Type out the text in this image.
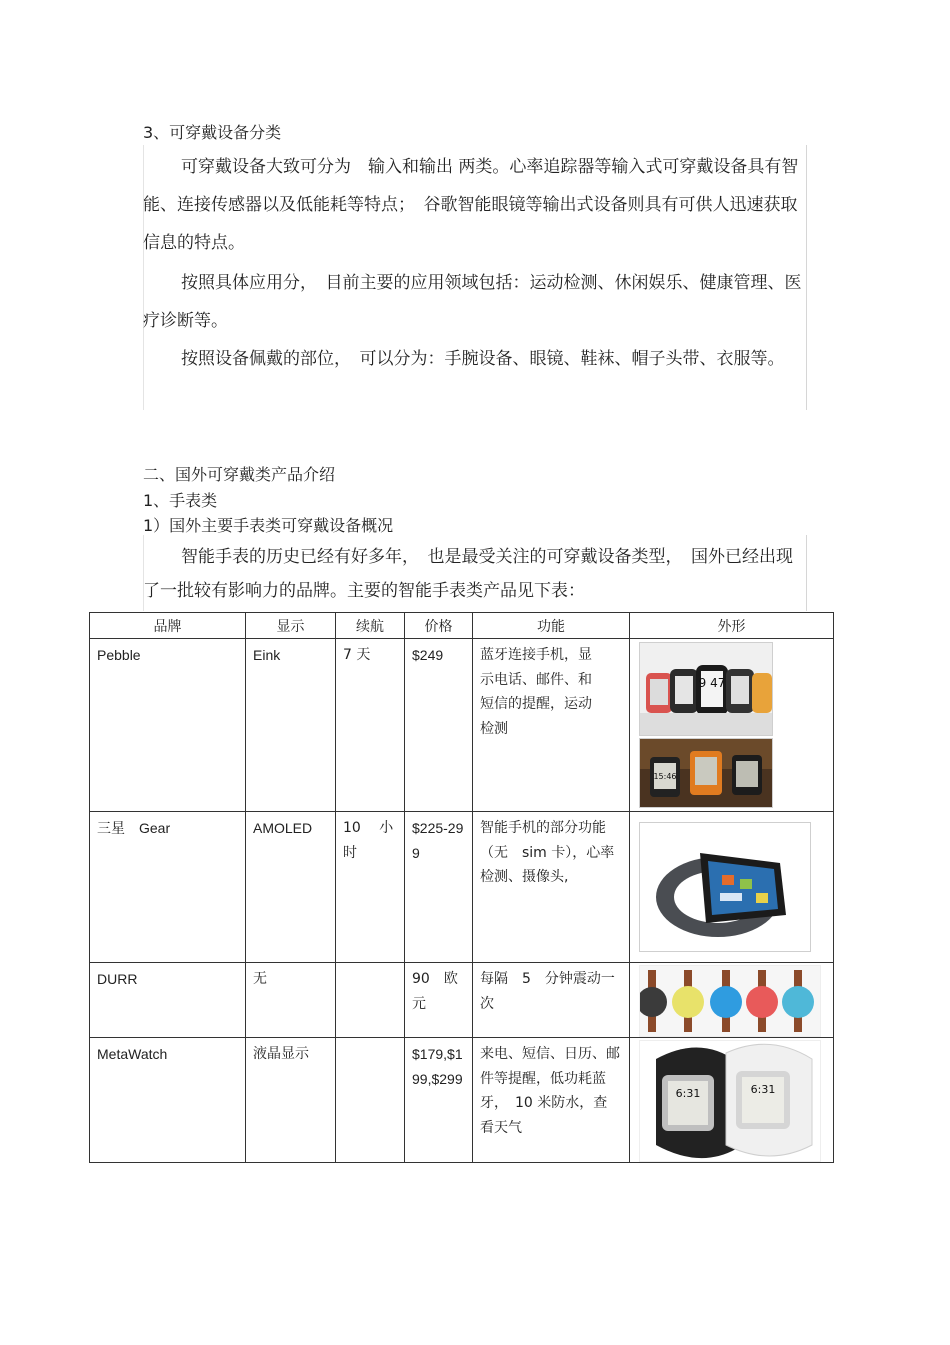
3、可穿戴设备分类
可穿戴设备大致可分为　输入和输出 两类。心率追踪器等输入式可穿戴设备具有智能、连接传感器以及低能耗等特点；　谷歌智能眼镜等输出式设备则具有可供人迅速获取信息的特点。
按照具体应用分，　目前主要的应用领域包括：运动检测、休闲娱乐、健康管理、医疗诊断等。
按照设备佩戴的部位，　可以分为：手腕设备、眼镜、鞋袜、帽子头带、衣服等。
二、国外可穿戴类产品介绍
1、手表类
1）国外主要手表类可穿戴设备概况
智能手表的历史已经有好多年，　也是最受关注的可穿戴设备类型，　国外已经出现了一批较有影响力的品牌。主要的智能手表类产品见下表：
品牌	显示	续航	价格	功能	外形

Pebble	Eink	7 天	$249	蓝牙连接手机，显示电话、邮件、和短信的提醒，运动检测	9 47
15:46

三星　Gear	AMOLED	10　 小时	$225-299	智能手机的部分功能（无　sim 卡），心率检测、摄像头,

DURR	无		90　欧元	每隔　5　分钟震动一次

MetaWatch	液晶显示		$179,$199,$299	来电、短信、日历、邮件等提醒，低功耗蓝牙，　10 米防水，查看天气	6:31 6:31
